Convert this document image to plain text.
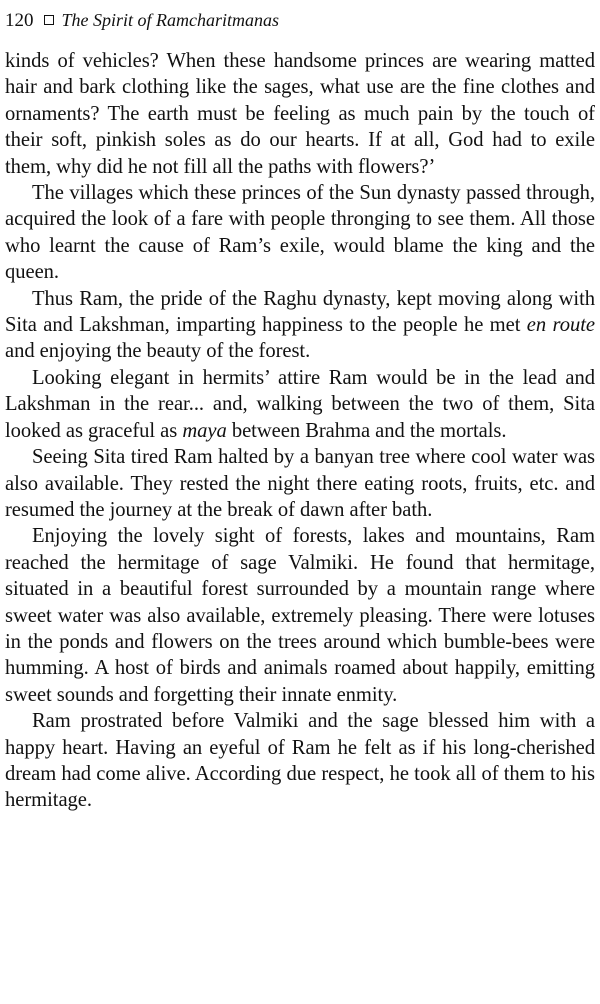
120 The Spirit of Ramcharitmanas

kinds of vehicles? When these handsome princes are wearing matted hair and bark clothing like the sages, what use are the fine clothes and ornaments? The earth must be feeling as much pain by the touch of their soft, pinkish soles as do our hearts. If at all, God had to exile them, why did he not fill all the paths with flowers?’

The villages which these princes of the Sun dynasty passed through, acquired the look of a fare with people thronging to see them. All those who learnt the cause of Ram’s exile, would blame the king and the queen.

Thus Ram, the pride of the Raghu dynasty, kept moving along with Sita and Lakshman, imparting happiness to the people he met en route and enjoying the beauty of the forest.

Looking elegant in hermits’ attire Ram would be in the lead and Lakshman in the rear... and, walking between the two of them, Sita looked as graceful as maya between Brahma and the mortals.

Seeing Sita tired Ram halted by a banyan tree where cool water was also available. They rested the night there eating roots, fruits, etc. and resumed the journey at the break of dawn after bath.

Enjoying the lovely sight of forests, lakes and mountains, Ram reached the hermitage of sage Valmiki. He found that hermitage, situated in a beautiful forest surrounded by a mountain range where sweet water was also available, extremely pleasing. There were lotuses in the ponds and flowers on the trees around which bumble-bees were humming. A host of birds and animals roamed about happily, emitting sweet sounds and forgetting their innate enmity.

Ram prostrated before Valmiki and the sage blessed him with a happy heart. Having an eyeful of Ram he felt as if his long-cherished dream had come alive. According due respect, he took all of them to his hermitage.
